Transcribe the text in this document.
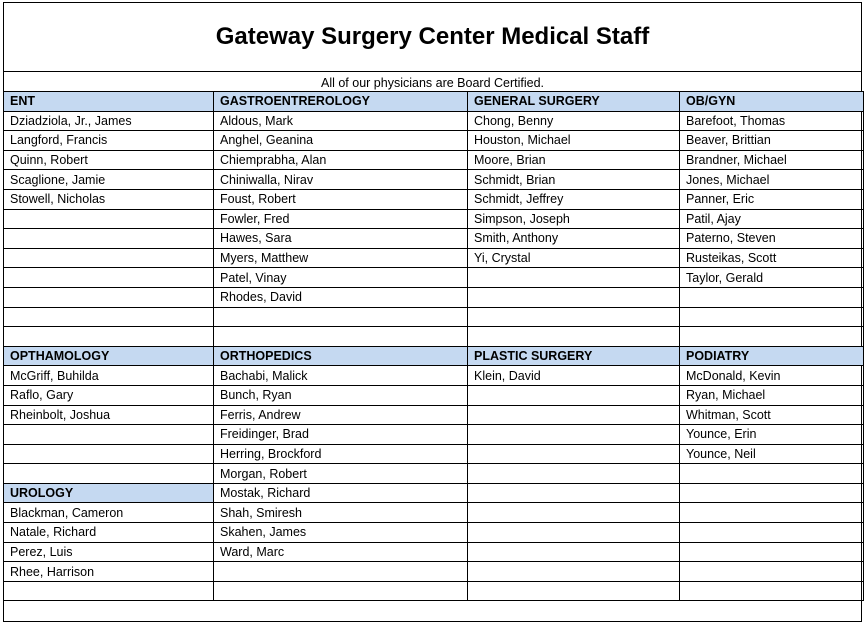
Gateway Surgery Center Medical Staff
All of our physicians are Board Certified.
ENT	GASTROENTREROLOGY	GENERAL SURGERY	OB/GYN
Dziadziola, Jr., James	Aldous, Mark	Chong, Benny	Barefoot, Thomas
Langford, Francis	Anghel, Geanina	Houston, Michael	Beaver, Brittian
Quinn, Robert	Chiemprabha, Alan	Moore, Brian	Brandner, Michael
Scaglione, Jamie	Chiniwalla, Nirav	Schmidt, Brian	Jones, Michael
Stowell, Nicholas	Foust, Robert	Schmidt, Jeffrey	Panner, Eric
	Fowler, Fred	Simpson, Joseph	Patil, Ajay
	Hawes, Sara	Smith, Anthony	Paterno, Steven
	Myers, Matthew	Yi, Crystal	Rusteikas, Scott
	Patel, Vinay		Taylor, Gerald
	Rhodes, David		

OPTHAMOLOGY	ORTHOPEDICS	PLASTIC SURGERY	PODIATRY
McGriff, Buhilda	Bachabi, Malick	Klein, David	McDonald, Kevin
Raflo, Gary	Bunch, Ryan		Ryan, Michael
Rheinbolt, Joshua	Ferris, Andrew		Whitman, Scott
	Freidinger, Brad		Younce, Erin
	Herring, Brockford		Younce, Neil
	Morgan, Robert		
UROLOGY	Mostak, Richard		
Blackman, Cameron	Shah, Smiresh		
Natale, Richard	Skahen, James		
Perez, Luis	Ward, Marc		
Rhee, Harrison			
